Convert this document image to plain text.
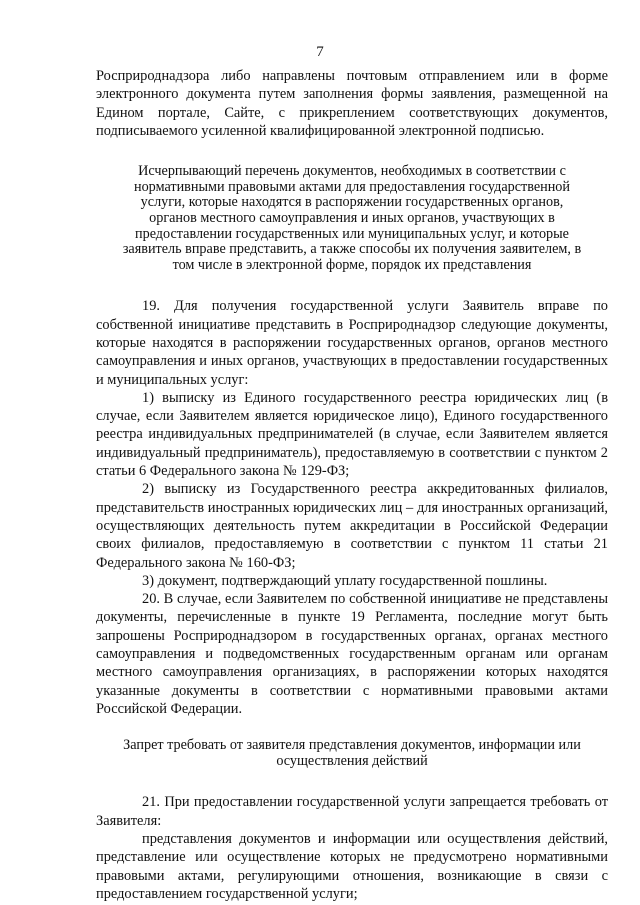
7

Росприроднадзора либо направлены почтовым отправлением или в форме электронного документа путем заполнения формы заявления, размещенной на Едином портале, Сайте, с прикреплением соответствующих документов, подписываемого усиленной квалифицированной электронной подписью.

Исчерпывающий перечень документов, необходимых в соответствии с нормативными правовыми актами для предоставления государственной услуги, которые находятся в распоряжении государственных органов, органов местного самоуправления и иных органов, участвующих в предоставлении государственных или муниципальных услуг, и которые заявитель вправе представить, а также способы их получения заявителем, в том числе в электронной форме, порядок их представления

19. Для получения государственной услуги Заявитель вправе по собственной инициативе представить в Росприроднадзор следующие документы, которые находятся в распоряжении государственных органов, органов местного самоуправления и иных органов, участвующих в предоставлении государственных и муниципальных услуг:

1) выписку из Единого государственного реестра юридических лиц (в случае, если Заявителем является юридическое лицо), Единого государственного реестра индивидуальных предпринимателей (в случае, если Заявителем является индивидуальный предприниматель), предоставляемую в соответствии с пунктом 2 статьи 6 Федерального закона № 129-ФЗ;

2) выписку из Государственного реестра аккредитованных филиалов, представительств иностранных юридических лиц – для иностранных организаций, осуществляющих деятельность путем аккредитации в Российской Федерации своих филиалов, предоставляемую в соответствии с пунктом 11 статьи 21 Федерального закона № 160-ФЗ;

3) документ, подтверждающий уплату государственной пошлины.

20. В случае, если Заявителем по собственной инициативе не представлены документы, перечисленные в пункте 19 Регламента, последние могут быть запрошены Росприроднадзором в государственных органах, органах местного самоуправления и подведомственных государственным органам или органам местного самоуправления организациях, в распоряжении которых находятся указанные документы в соответствии с нормативными правовыми актами Российской Федерации.

Запрет требовать от заявителя представления документов, информации или осуществления действий

21. При предоставлении государственной услуги запрещается требовать от Заявителя:

представления документов и информации или осуществления действий, представление или осуществление которых не предусмотрено нормативными правовыми актами, регулирующими отношения, возникающие в связи с предоставлением государственной услуги;
